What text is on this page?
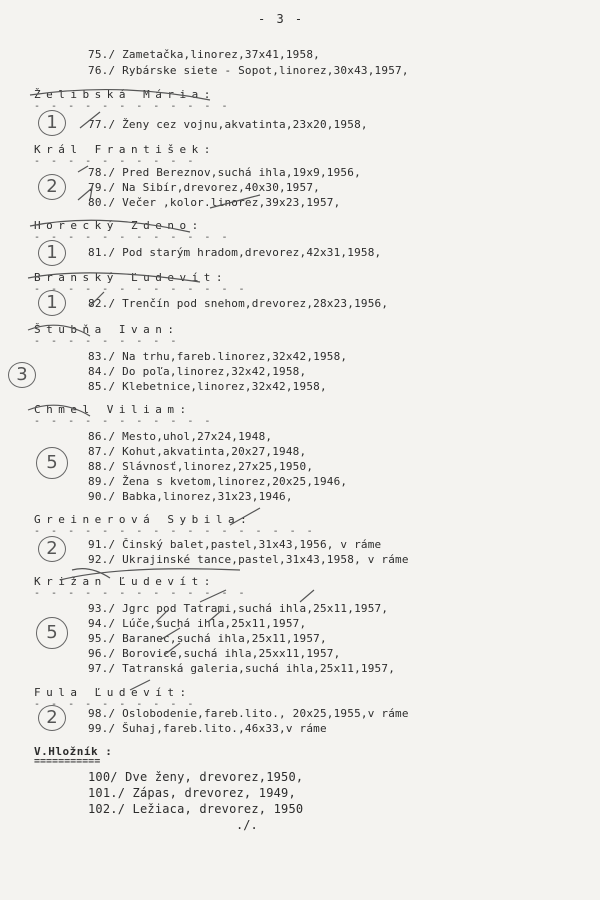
- 3 -
75./ Zametačka,linorez,37x41,1958,
76./ Rybárske siete - Sopot,linorez,30x43,1957,
Želibská Mária:
- - - - - - - - - - - -
1	77./ Ženy cez vojnu,akvatinta,23x20,1958,
Král František:
- - - - - - - - - -
2
78./ Pred Bereznov,suchá ihla,19x9,1956,
79./ Na Sibír,drevorez,40x30,1957,
80./ Večer ,kolor.linorez,39x23,1957,
Horecký Zdeno:
- - - - - - - - - - - -
1	81./ Pod starým hradom,drevorez,42x31,1958,
Branský Ľudevít:
- - - - - - - - - - - - -
1	82./ Trenčín pod snehom,drevorez,28x23,1956,
Štubňa Ivan:
- - - - - - - - -
3
83./ Na trhu,fareb.linorez,32x42,1958,
84./ Do poľa,linorez,32x42,1958,
85./ Klebetnice,linorez,32x42,1958,
Chmel Viliam:
- - - - - - - - - - -
5
86./ Mesto,uhol,27x24,1948,
87./ Kohut,akvatinta,20x27,1948,
88./ Slávnosť,linorez,27x25,1950,
89./ Žena s kvetom,linorez,20x25,1946,
90./ Babka,linorez,31x23,1946,
Greinerová Sybila:
- - - - - - - - - - - - - - - - -
2	91./ Činský balet,pastel,31x43,1956, v ráme
92./ Ukrajinské tance,pastel,31x43,1958, v ráme
Križan Ľudevít:
- - - - - - - - - - - - -
5
93./ Jgrc pod Tatrami,suchá ihla,25x11,1957,
94./ Lúče,suchá ihla,25x11,1957,
95./ Baranec,suchá ihla,25x11,1957,
96./ Borovice,suchá ihla,25xx11,1957,
97./ Tatranská galeria,suchá ihla,25x11,1957,
Fula Ľudevít:
- - - - - - - - - -
2	98./ Oslobodenie,fareb.lito., 20x25,1955,v ráme
99./ Šuhaj,fareb.lito.,46x33,v ráme
V.Hložník :
===========
100/ Dve ženy, drevorez,1950,
101./ Zápas, drevorez, 1949,
102./ Ležiaca, drevorez, 1950
./.
